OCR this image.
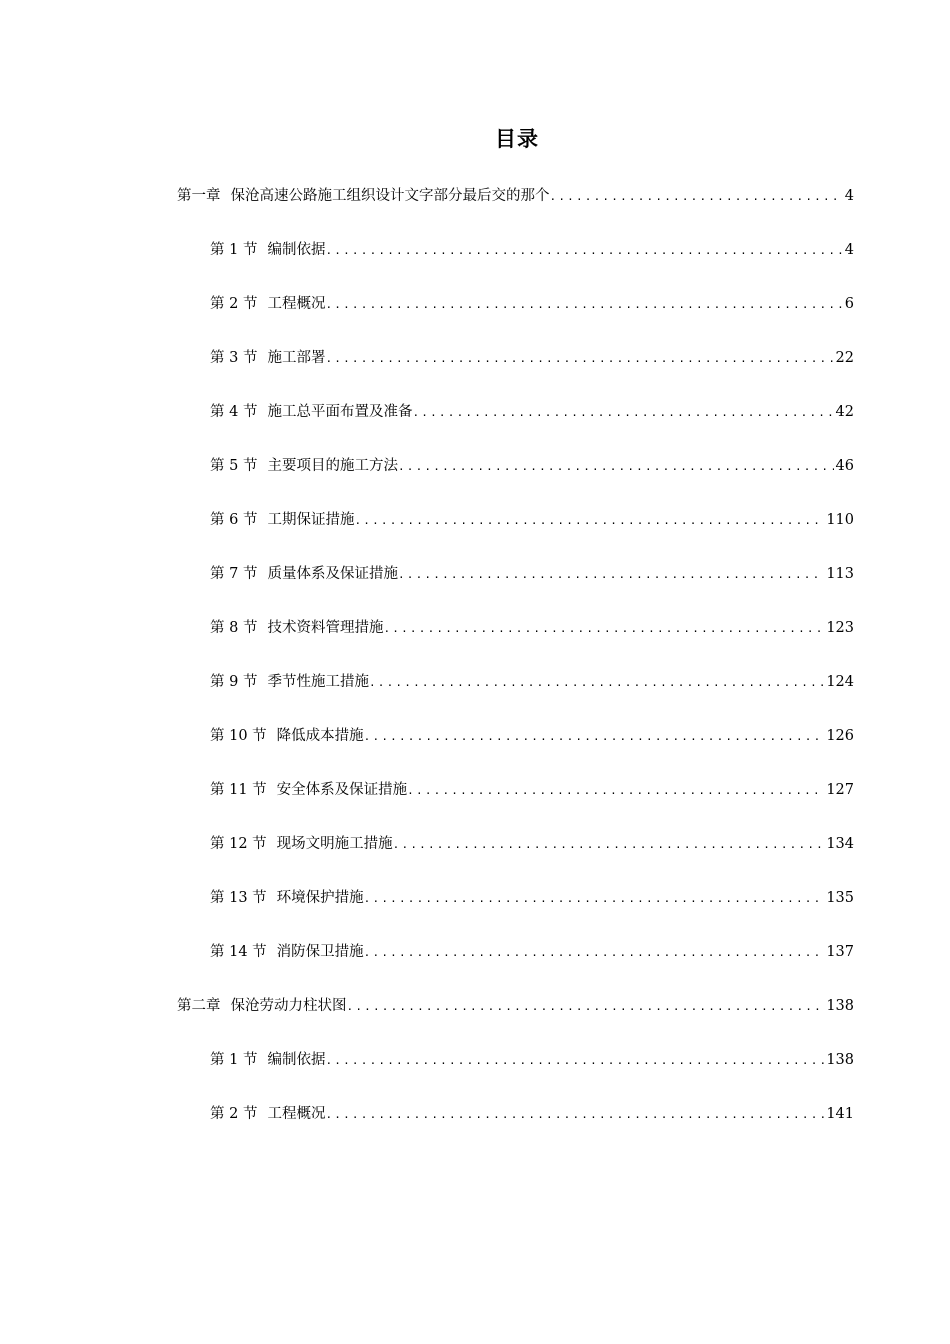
目录
第一章 保沧高速公路施工组织设计文字部分最后交的那个 .....	4
第 1 节 编制依据 .....	4
第 2 节 工程概况 .....	6
第 3 节 施工部署 .....	22
第 4 节 施工总平面布置及准备 .....	42
第 5 节 主要项目的施工方法 .....	46
第 6 节 工期保证措施 .....	110
第 7 节 质量体系及保证措施 .....	113
第 8 节 技术资料管理措施 .....	123
第 9 节 季节性施工措施 .....	124
第 10 节 降低成本措施 .....	126
第 11 节 安全体系及保证措施 .....	127
第 12 节 现场文明施工措施 .....	134
第 13 节 环境保护措施 .....	135
第 14 节 消防保卫措施 .....	137
第二章 保沧劳动力柱状图 .....	138
第 1 节 编制依据 .....	138
第 2 节 工程概况 .....	141
